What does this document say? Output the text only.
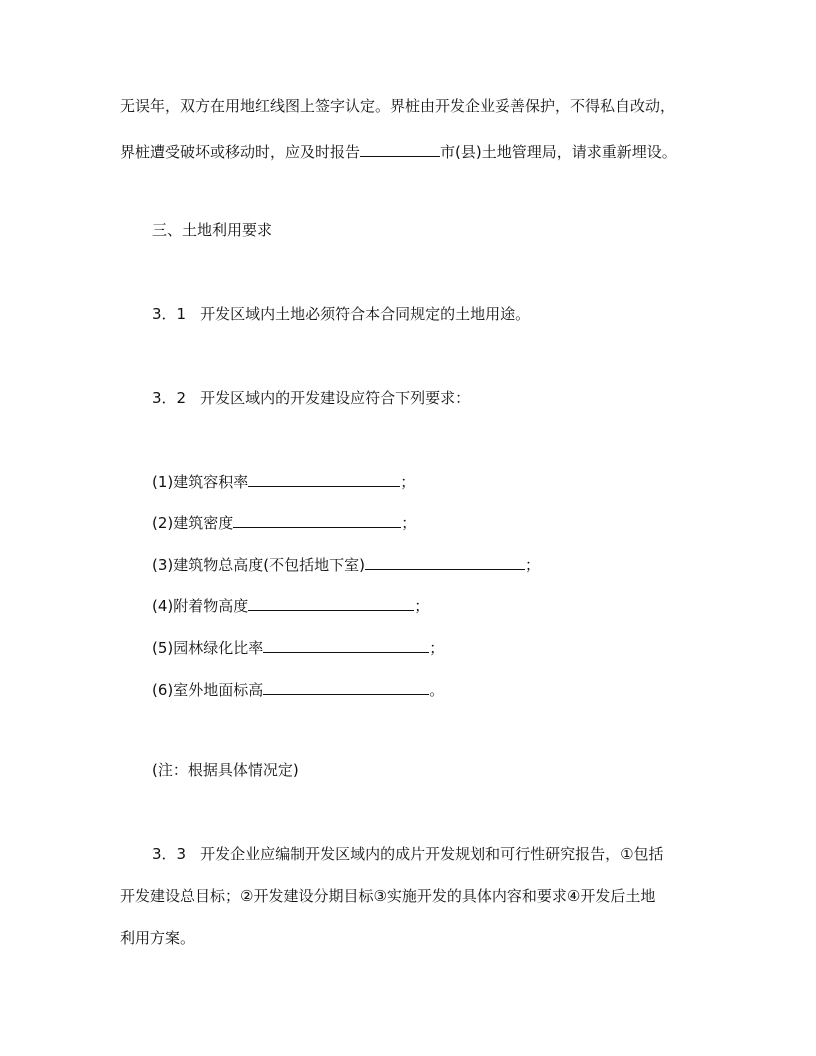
无误年，双方在用地红线图上签字认定。界桩由开发企业妥善保护，不得私自改动，
界桩遭受破坏或移动时，应及时报告	市(县)土地管理局，请求重新埋设。
三、土地利用要求
3．1 开发区域内土地必须符合本合同规定的土地用途。
3．2 开发区域内的开发建设应符合下列要求：
(1)建筑容积率	；
(2)建筑密度	；
(3)建筑物总高度(不包括地下室)	；
(4)附着物高度	；
(5)园林绿化比率	；
(6)室外地面标高	。
(注：根据具体情况定)
3．3 开发企业应编制开发区域内的成片开发规划和可行性研究报告，①包括
开发建设总目标；②开发建设分期目标③实施开发的具体内容和要求④开发后土地
利用方案。
